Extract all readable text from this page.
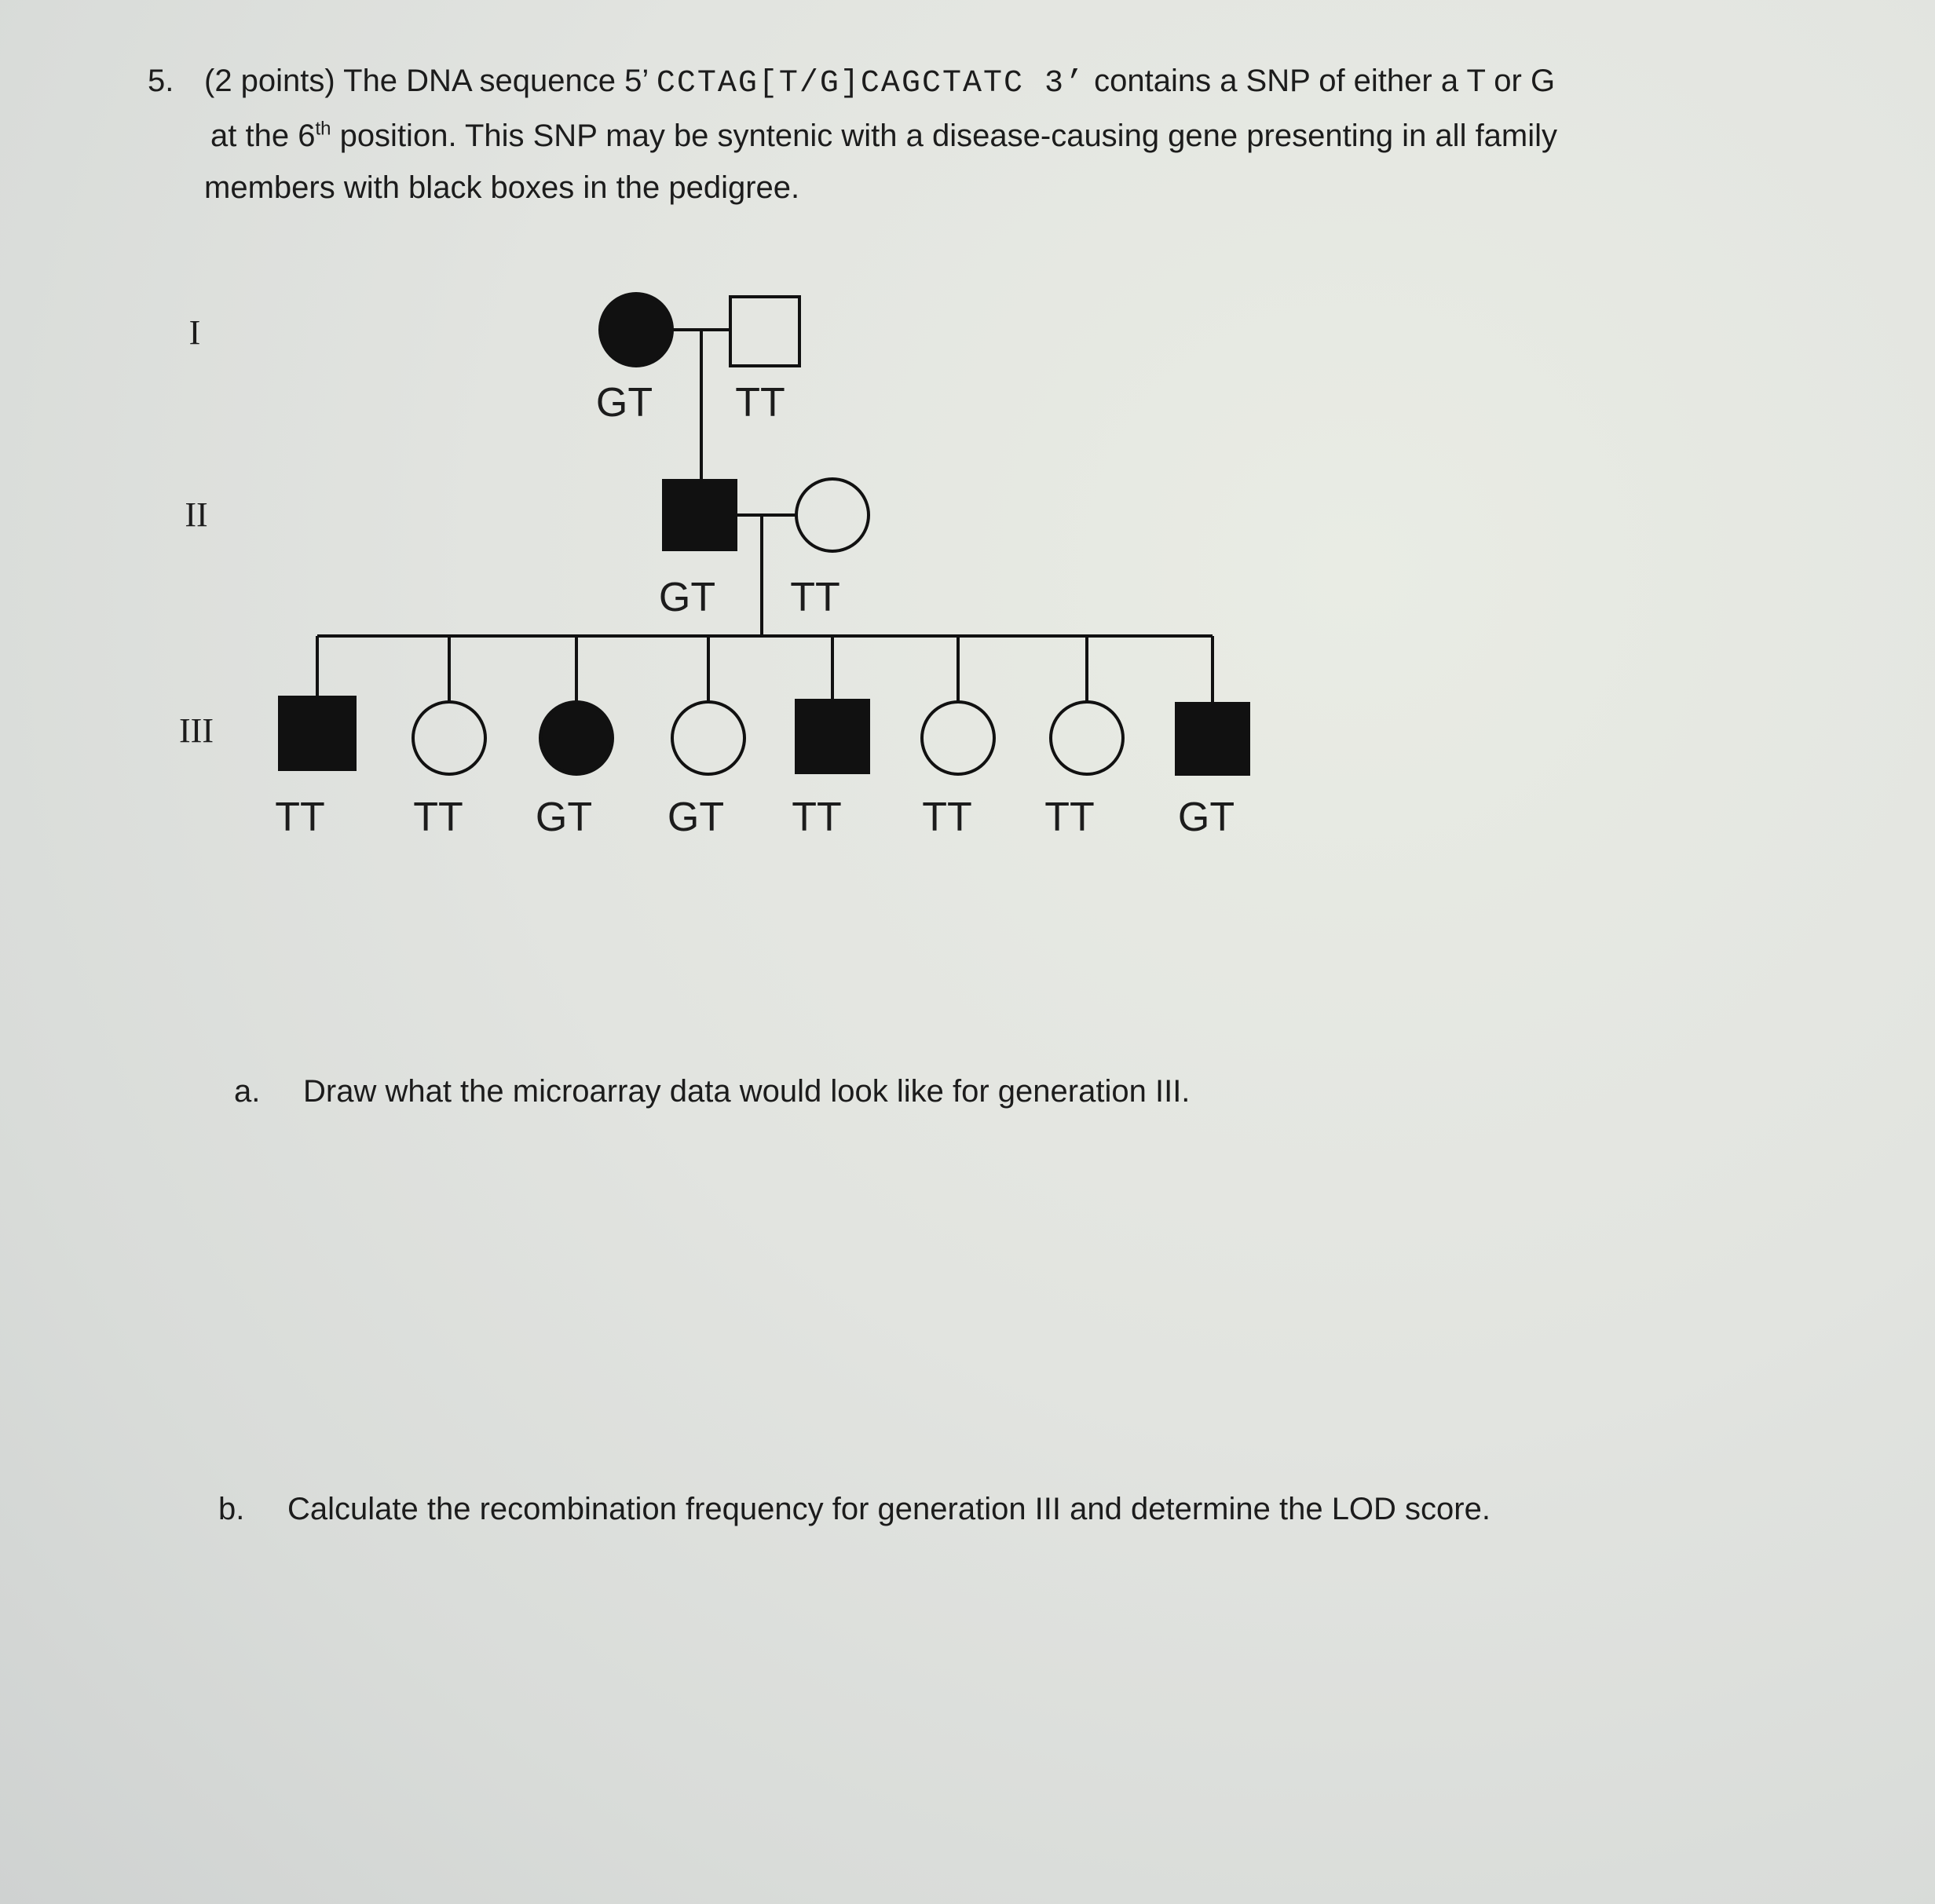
5. (2 points) The DNA sequence 5’ CCTAG[T/G]CAGCTATC 3’ contains a SNP of either a T or G
at the 6th position. This SNP may be syntenic with a disease-causing gene presenting in all family
members with black boxes in the pedigree.
I
II
III
GT TT
GT TT
TT TT GT GT TT TT TT GT
a. Draw what the microarray data would look like for generation III.
b. Calculate the recombination frequency for generation III and determine the LOD score.
